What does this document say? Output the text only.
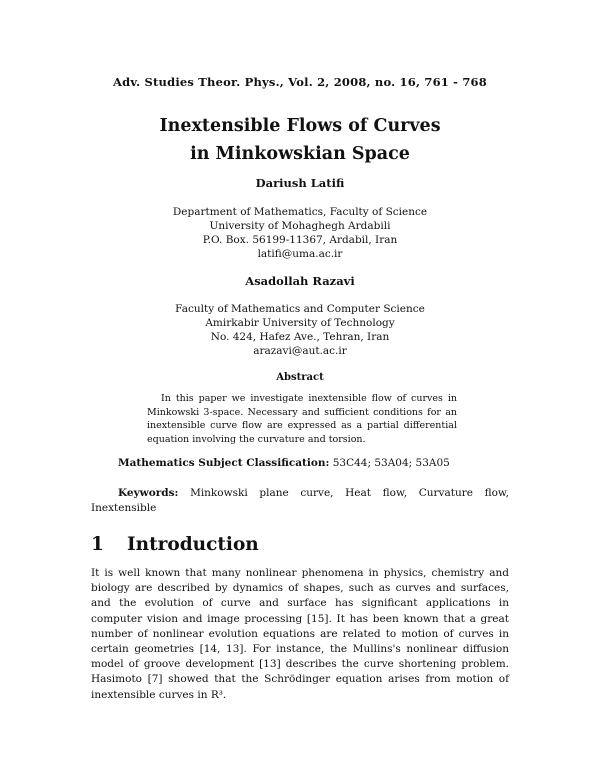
Adv. Studies Theor. Phys., Vol. 2, 2008, no. 16, 761 - 768
Inextensible Flows of Curves
in Minkowskian Space
Dariush Latifi
Department of Mathematics, Faculty of Science
University of Mohaghegh Ardabili
P.O. Box. 56199-11367, Ardabil, Iran
latifi@uma.ac.ir
Asadollah Razavi
Faculty of Mathematics and Computer Science
Amirkabir University of Technology
No. 424, Hafez Ave., Tehran, Iran
arazavi@aut.ac.ir
Abstract
In this paper we investigate inextensible flow of curves in Minkowski 3-space. Necessary and sufficient conditions for an inextensible curve flow are expressed as a partial differential equation involving the curvature and torsion.
Mathematics Subject Classification: 53C44; 53A04; 53A05
Keywords: Minkowski plane curve, Heat flow, Curvature flow, Inextensible
1 Introduction
It is well known that many nonlinear phenomena in physics, chemistry and biology are described by dynamics of shapes, such as curves and surfaces, and the evolution of curve and surface has significant applications in computer vision and image processing [15]. It has been known that a great number of nonlinear evolution equations are related to motion of curves in certain geometries [14, 13]. For instance, the Mullins's nonlinear diffusion model of groove development [13] describes the curve shortening problem. Hasimoto [7] showed that the Schrödinger equation arises from motion of inextensible curves in R³.
